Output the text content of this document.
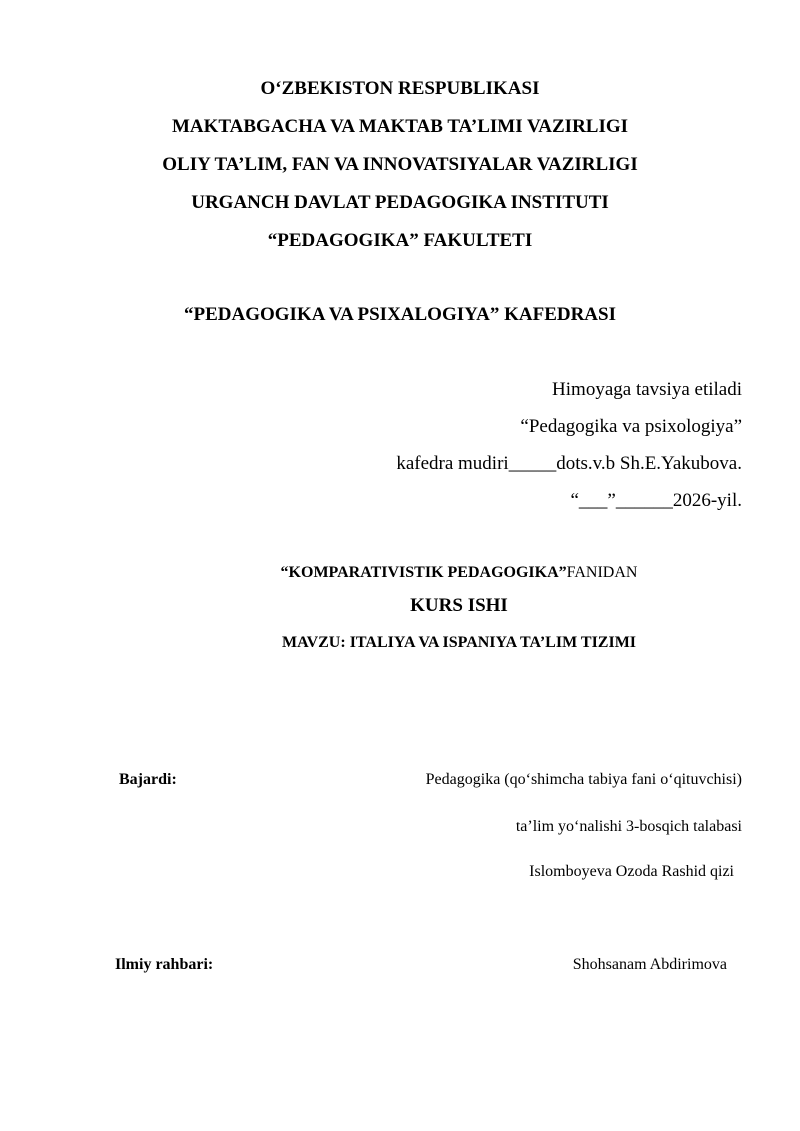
O‘ZBEKISTON RESPUBLIKASI
MAKTABGACHA VA MAKTAB TA’LIMI VAZIRLIGI
OLIY TA’LIM, FAN VA INNOVATSIYALAR VAZIRLIGI
URGANCH DAVLAT PEDAGOGIKA INSTITUTI
“PEDAGOGIKA” FAKULTETI
“PEDAGOGIKA VA PSIXALOGIYA” KAFEDRASI
Himoyaga tavsiya etiladi
“Pedagogika va psixologiya”
kafedra mudiri_____dots.v.b Sh.E.Yakubova.
“___”______2026-yil.
“KOMPARATIVISTIK PEDAGOGIKA”FANIDAN
KURS ISHI
MAVZU: ITALIYA VA ISPANIYA TA’LIM TIZIMI
Bajardi:	Pedagogika (qo‘shimcha tabiya fani o‘qituvchisi)
ta’lim yo‘nalishi 3-bosqich talabasi
Islomboyeva Ozoda Rashid qizi
Ilmiy rahbari:	Shohsanam Abdirimova
